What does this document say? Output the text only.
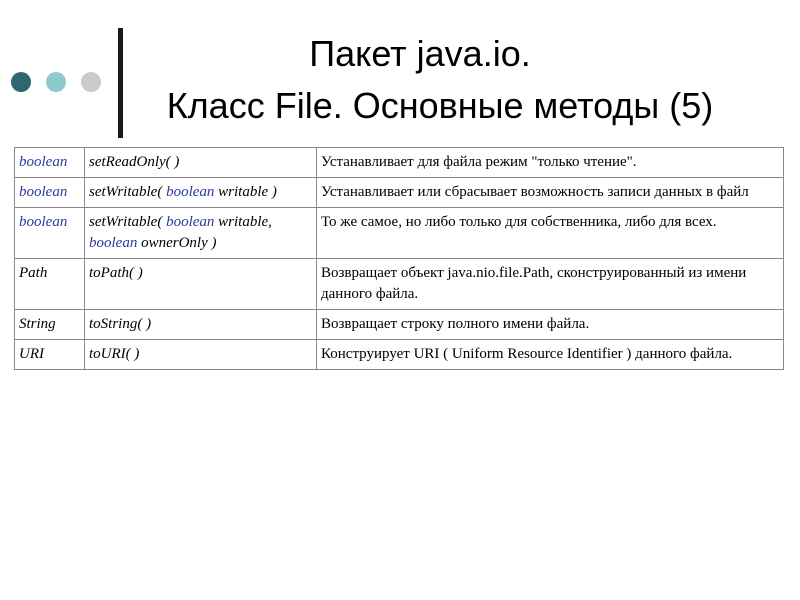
Пакет java.io.
Класс File. Основные методы (5)
boolean	setReadOnly( )	Устанавливает для файла режим "только чтение".
boolean	setWritable( boolean writable )	Устанавливает или сбрасывает возможность записи данных в файл
boolean	setWritable( boolean writable, boolean ownerOnly )	То же самое, но либо только для собственника, либо для всех.
Path	toPath( )	Возвращает объект java.nio.file.Path, сконструированный из имени данного файла.
String	toString( )	Возвращает строку полного имени файла.
URI	toURI( )	Конструирует URI ( Uniform Resource Identifier ) данного файла.
